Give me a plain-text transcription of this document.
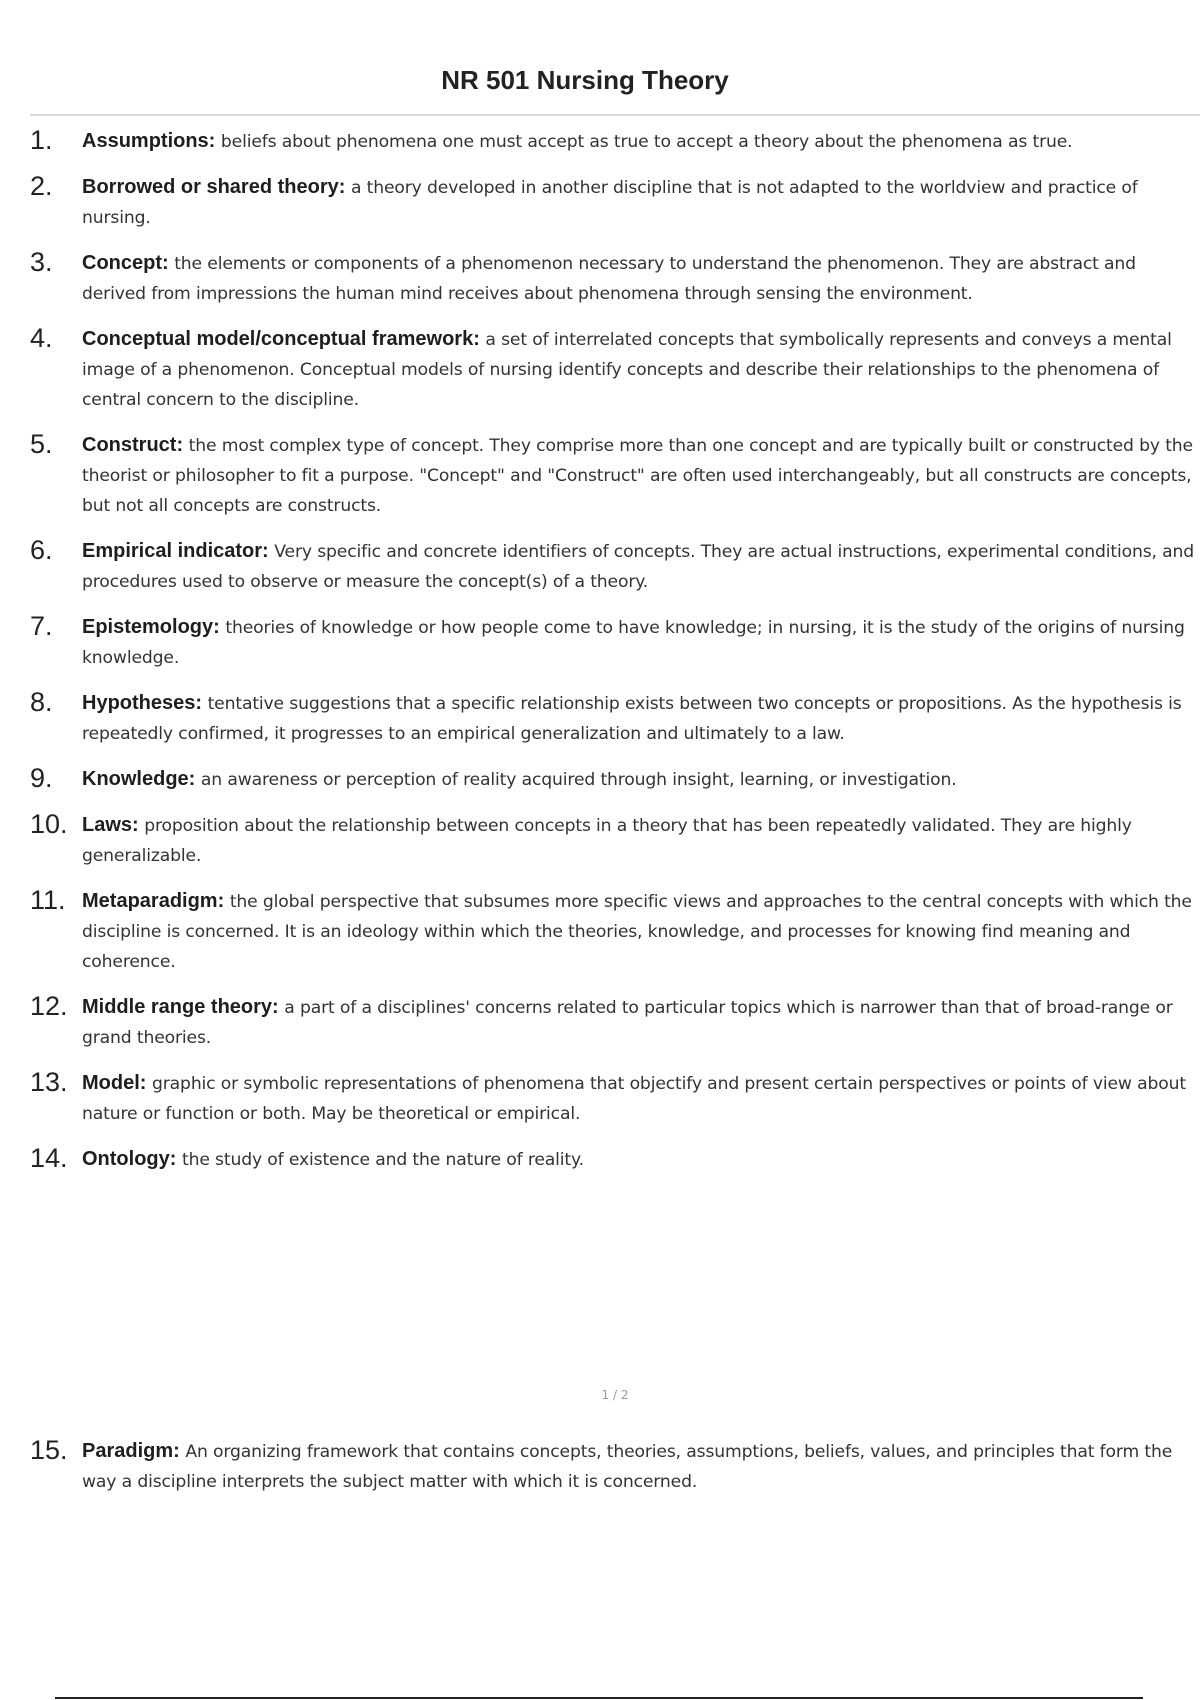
NR 501 Nursing Theory
1. Assumptions: beliefs about phenomena one must accept as true to accept a theory about the phenomena as true.
2. Borrowed or shared theory: a theory developed in another discipline that is not adapted to the worldview and practice of nursing.
3. Concept: the elements or components of a phenomenon necessary to understand the phenomenon. They are abstract and derived from impressions the human mind receives about phenomena through sensing the environment.
4. Conceptual model/conceptual framework: a set of interrelated concepts that symbolically represents and conveys a mental image of a phenomenon. Conceptual models of nursing identify concepts and describe their relationships to the phenomena of central concern to the discipline.
5. Construct: the most complex type of concept. They comprise more than one concept and are typically built or constructed by the theorist or philosopher to fit a purpose. "Concept" and "Construct" are often used interchangeably, but all constructs are concepts, but not all concepts are constructs.
6. Empirical indicator: Very specific and concrete identifiers of concepts. They are actual instructions, experimental conditions, and procedures used to observe or measure the concept(s) of a theory.
7. Epistemology: theories of knowledge or how people come to have knowledge; in nursing, it is the study of the origins of nursing knowledge.
8. Hypotheses: tentative suggestions that a specific relationship exists between two concepts or propositions. As the hypothesis is repeatedly confirmed, it progresses to an empirical generalization and ultimately to a law.
9. Knowledge: an awareness or perception of reality acquired through insight, learning, or investigation.
10. Laws: proposition about the relationship between concepts in a theory that has been repeatedly validated. They are highly generalizable.
11. Metaparadigm: the global perspective that subsumes more specific views and approaches to the central concepts with which the discipline is concerned. It is an ideology within which the theories, knowledge, and processes for knowing find meaning and coherence.
12. Middle range theory: a part of a disciplines' concerns related to particular topics which is narrower than that of broad-range or grand theories.
13. Model: graphic or symbolic representations of phenomena that objectify and present certain perspectives or points of view about nature or function or both. May be theoretical or empirical.
14. Ontology: the study of existence and the nature of reality.
1 / 2
15. Paradigm: An organizing framework that contains concepts, theories, assumptions, beliefs, values, and principles that form the way a discipline interprets the subject matter with which it is concerned.
